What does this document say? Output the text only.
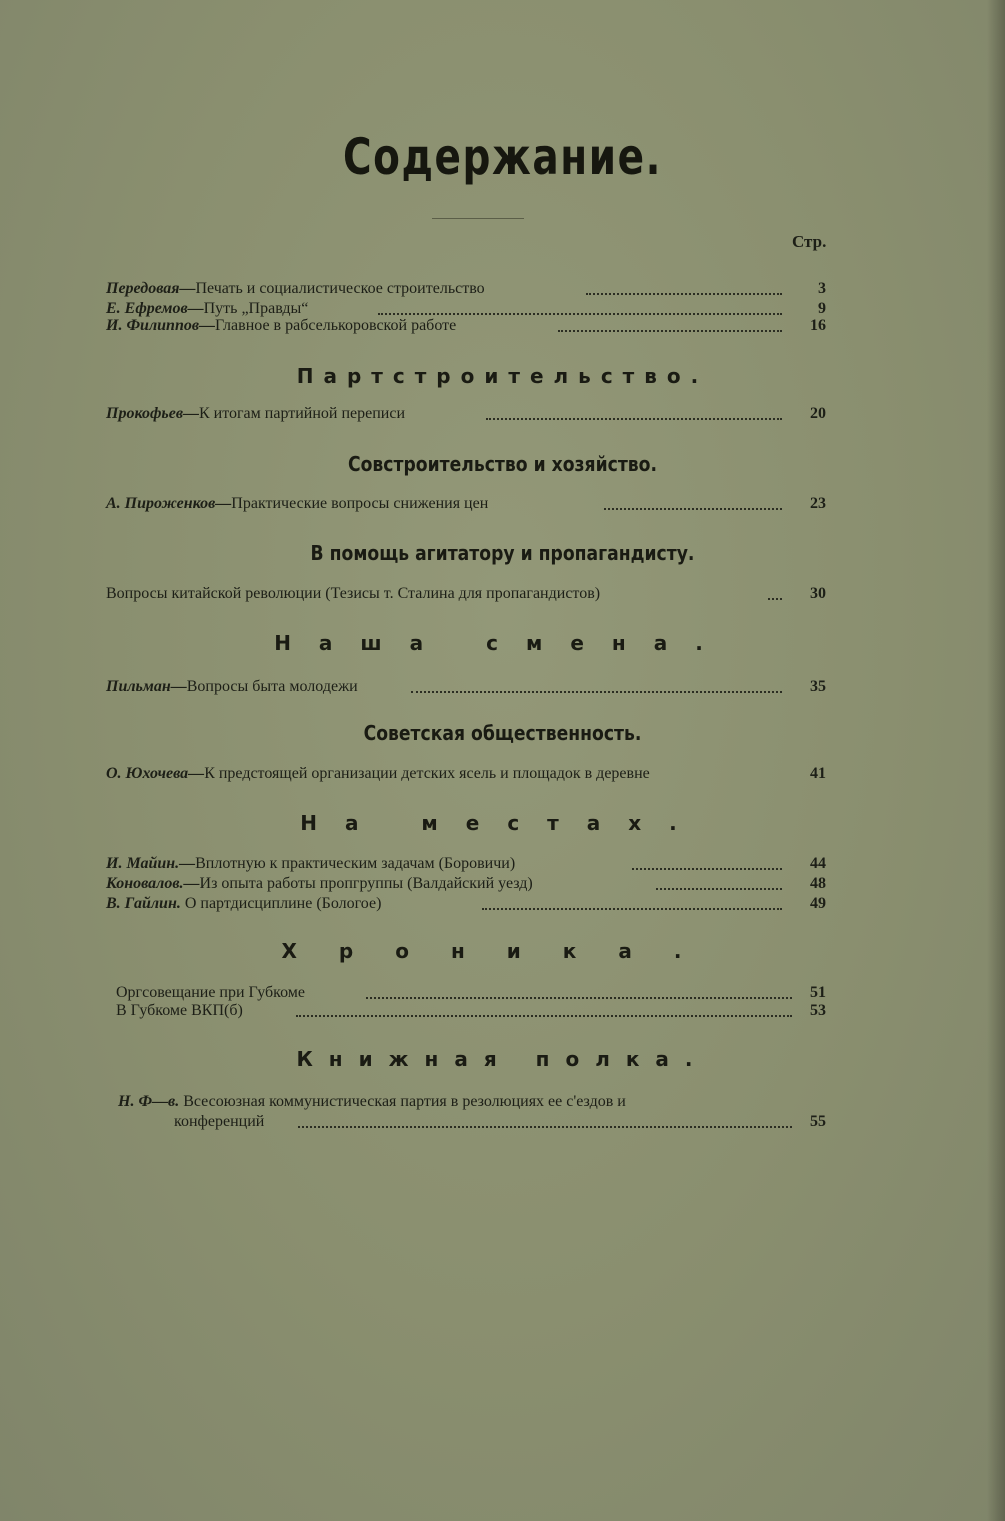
Содержание.
Стр.
Передовая—Печать и социалистическое строительство	3
Е. Ефремов—Путь „Правды“	9
И. Филиппов—Главное в рабселькоровской работе	16
Партстроительство.
Прокофьев—К итогам партийной переписи	20
Совстроительство и хозяйство.
А. Пироженков—Практические вопросы снижения цен	23
В помощь агитатору и пропагандисту.
Вопросы китайской революции (Тезисы т. Сталина для пропагандистов)	30
Наша смена.
Пильман—Вопросы быта молодежи	35
Советская общественность.
О. Юхочева—К предстоящей организации детских ясель и площадок в деревне	41
На местах.
И. Майин.—Вплотную к практическим задачам (Боровичи)	44
Коновалов.—Из опыта работы пропгруппы (Валдайский уезд)	48
В. Гайлин. О партдисциплине (Бологое)	49
Хроника.
Оргсовещание при Губкоме	51
В Губкоме ВКП(б)	53
Книжная полка.
Н. Ф—в. Всесоюзная коммунистическая партия в резолюциях ее с'ездов и
конференций	55
